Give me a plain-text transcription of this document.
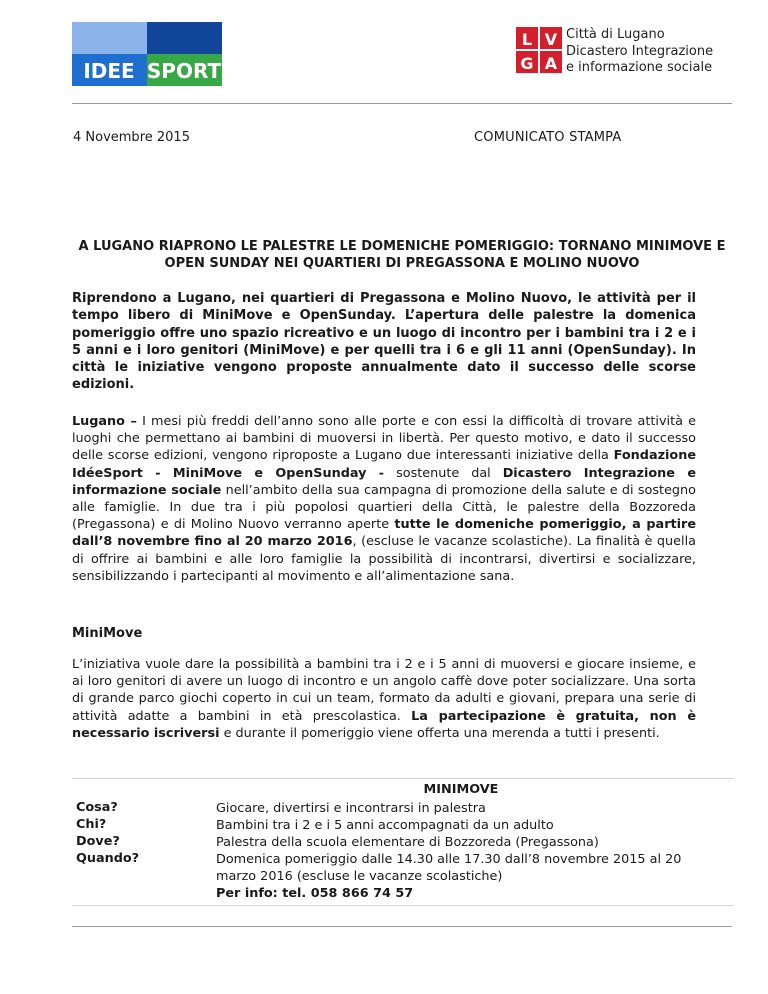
IDEE SPORT
L V
G A
Città di Lugano
Dicastero Integrazione
e informazione sociale
4 Novembre 2015	COMUNICATO STAMPA
A LUGANO RIAPRONO LE PALESTRE LE DOMENICHE POMERIGGIO: TORNANO MINIMOVE E
OPEN SUNDAY NEI QUARTIERI DI PREGASSONA E MOLINO NUOVO
Riprendono a Lugano, nei quartieri di Pregassona e Molino Nuovo, le attività per il tempo libero di MiniMove e OpenSunday. L’apertura delle palestre la domenica pomeriggio offre uno spazio ricreativo e un luogo di incontro per i bambini tra i 2 e i 5 anni e i loro genitori (MiniMove) e per quelli tra i 6 e gli 11 anni (OpenSunday). In città le iniziative vengono proposte annualmente dato il successo delle scorse edizioni.
Lugano – I mesi più freddi dell’anno sono alle porte e con essi la difficoltà di trovare attività e luoghi che permettano ai bambini di muoversi in libertà. Per questo motivo, e dato il successo delle scorse edizioni, vengono riproposte a Lugano due interessanti iniziative della Fondazione IdéeSport - MiniMove e OpenSunday - sostenute dal Dicastero Integrazione e informazione sociale nell’ambito della sua campagna di promozione della salute e di sostegno alle famiglie. In due tra i più popolosi quartieri della Città, le palestre della Bozzoreda (Pregassona) e di Molino Nuovo verranno aperte tutte le domeniche pomeriggio, a partire dall’8 novembre fino al 20 marzo 2016, (escluse le vacanze scolastiche). La finalità è quella di offrire ai bambini e alle loro famiglie la possibilità di incontrarsi, divertirsi e socializzare, sensibilizzando i partecipanti al movimento e all’alimentazione sana.
MiniMove
L’iniziativa vuole dare la possibilità a bambini tra i 2 e i 5 anni di muoversi e giocare insieme, e ai loro genitori di avere un luogo di incontro e un angolo caffè dove poter socializzare. Una sorta di grande parco giochi coperto in cui un team, formato da adulti e giovani, prepara una serie di attività adatte a bambini in età prescolastica. La partecipazione è gratuita, non è necessario iscriversi e durante il pomeriggio viene offerta una merenda a tutti i presenti.
MINIMOVE
Cosa?	Giocare, divertirsi e incontrarsi in palestra
Chi?	Bambini tra i 2 e i 5 anni accompagnati da un adulto
Dove?	Palestra della scuola elementare di Bozzoreda (Pregassona)
Quando?	Domenica pomeriggio dalle 14.30 alle 17.30 dall’8 novembre 2015 al 20 marzo 2016 (escluse le vacanze scolastiche)
Per info: tel. 058 866 74 57
